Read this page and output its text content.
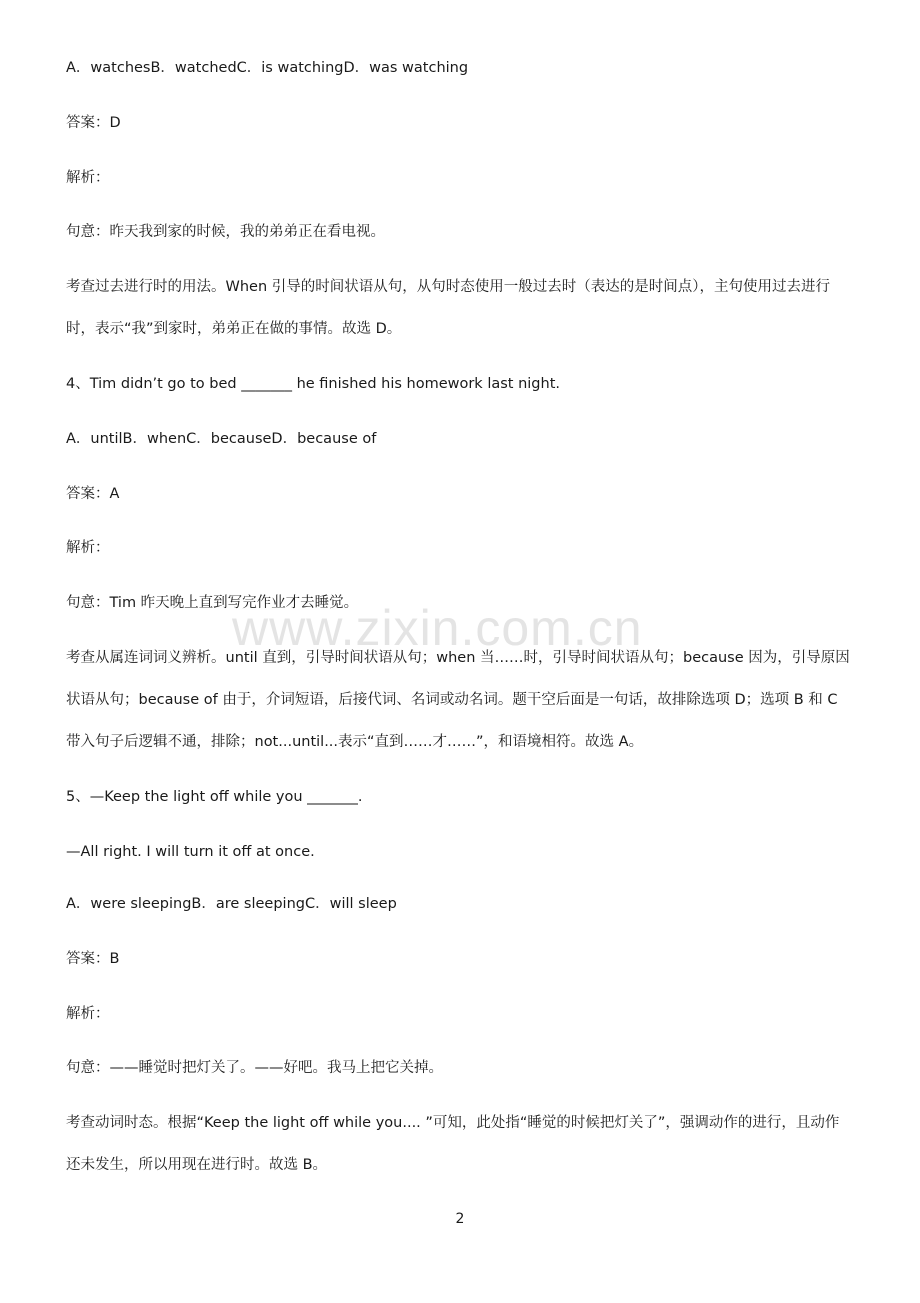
www.zixin.com.cn
A．watchesB．watchedC．is watchingD．was watching
答案：D
解析：
句意：昨天我到家的时候，我的弟弟正在看电视。
考查过去进行时的用法。When 引导的时间状语从句，从句时态使用一般过去时（表达的是时间点），主句使用过去进行时，表示“我”到家时，弟弟正在做的事情。故选 D。
4、Tim didn’t go to bed _______ he finished his homework last night.
A．untilB．whenC．becauseD．because of
答案：A
解析：
句意：Tim 昨天晚上直到写完作业才去睡觉。
考查从属连词词义辨析。until 直到，引导时间状语从句；when 当……时，引导时间状语从句；because 因为，引导原因状语从句；because of 由于，介词短语，后接代词、名词或动名词。题干空后面是一句话，故排除选项 D；选项 B 和 C 带入句子后逻辑不通，排除；not...until...表示“直到……才……”，和语境相符。故选 A。
5、—Keep the light off while you _______.
—All right. I will turn it off at once.
A．were sleepingB．are sleepingC．will sleep
答案：B
解析：
句意：——睡觉时把灯关了。——好吧。我马上把它关掉。
考查动词时态。根据“Keep the light off while you.... ”可知，此处指“睡觉的时候把灯关了”，强调动作的进行，且动作还未发生，所以用现在进行时。故选 B。
2
